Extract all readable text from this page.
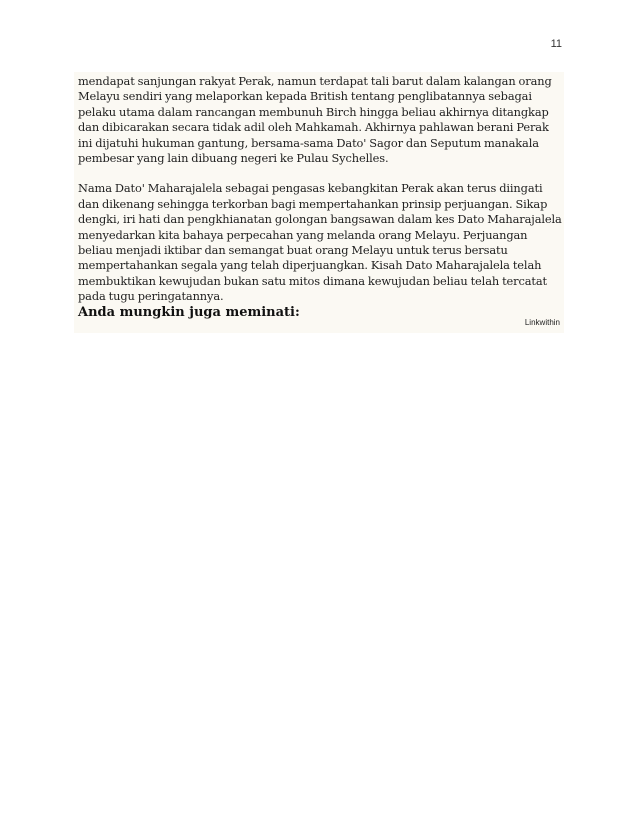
11

mendapat sanjungan rakyat Perak, namun terdapat tali barut dalam kalangan orang Melayu sendiri yang melaporkan kepada British tentang penglibatannya sebagai pelaku utama dalam rancangan membunuh Birch hingga beliau akhirnya ditangkap dan dibicarakan secara tidak adil oleh Mahkamah. Akhirnya pahlawan berani Perak ini dijatuhi hukuman gantung, bersama-sama Dato' Sagor dan Seputum manakala pembesar yang lain dibuang negeri ke Pulau Sychelles.

Nama Dato' Maharajalela sebagai pengasas kebangkitan Perak akan terus diingati dan dikenang sehingga terkorban bagi mempertahankan prinsip perjuangan. Sikap dengki, iri hati dan pengkhianatan golongan bangsawan dalam kes Dato Maharajalela menyedarkan kita bahaya perpecahan yang melanda orang Melayu. Perjuangan beliau menjadi iktibar dan semangat buat orang Melayu untuk terus bersatu mempertahankan segala yang telah diperjuangkan. Kisah Dato Maharajalela telah membuktikan kewujudan bukan satu mitos dimana kewujudan beliau telah tercatat pada tugu peringatannya.

Anda mungkin juga meminati:
Linkwithin
